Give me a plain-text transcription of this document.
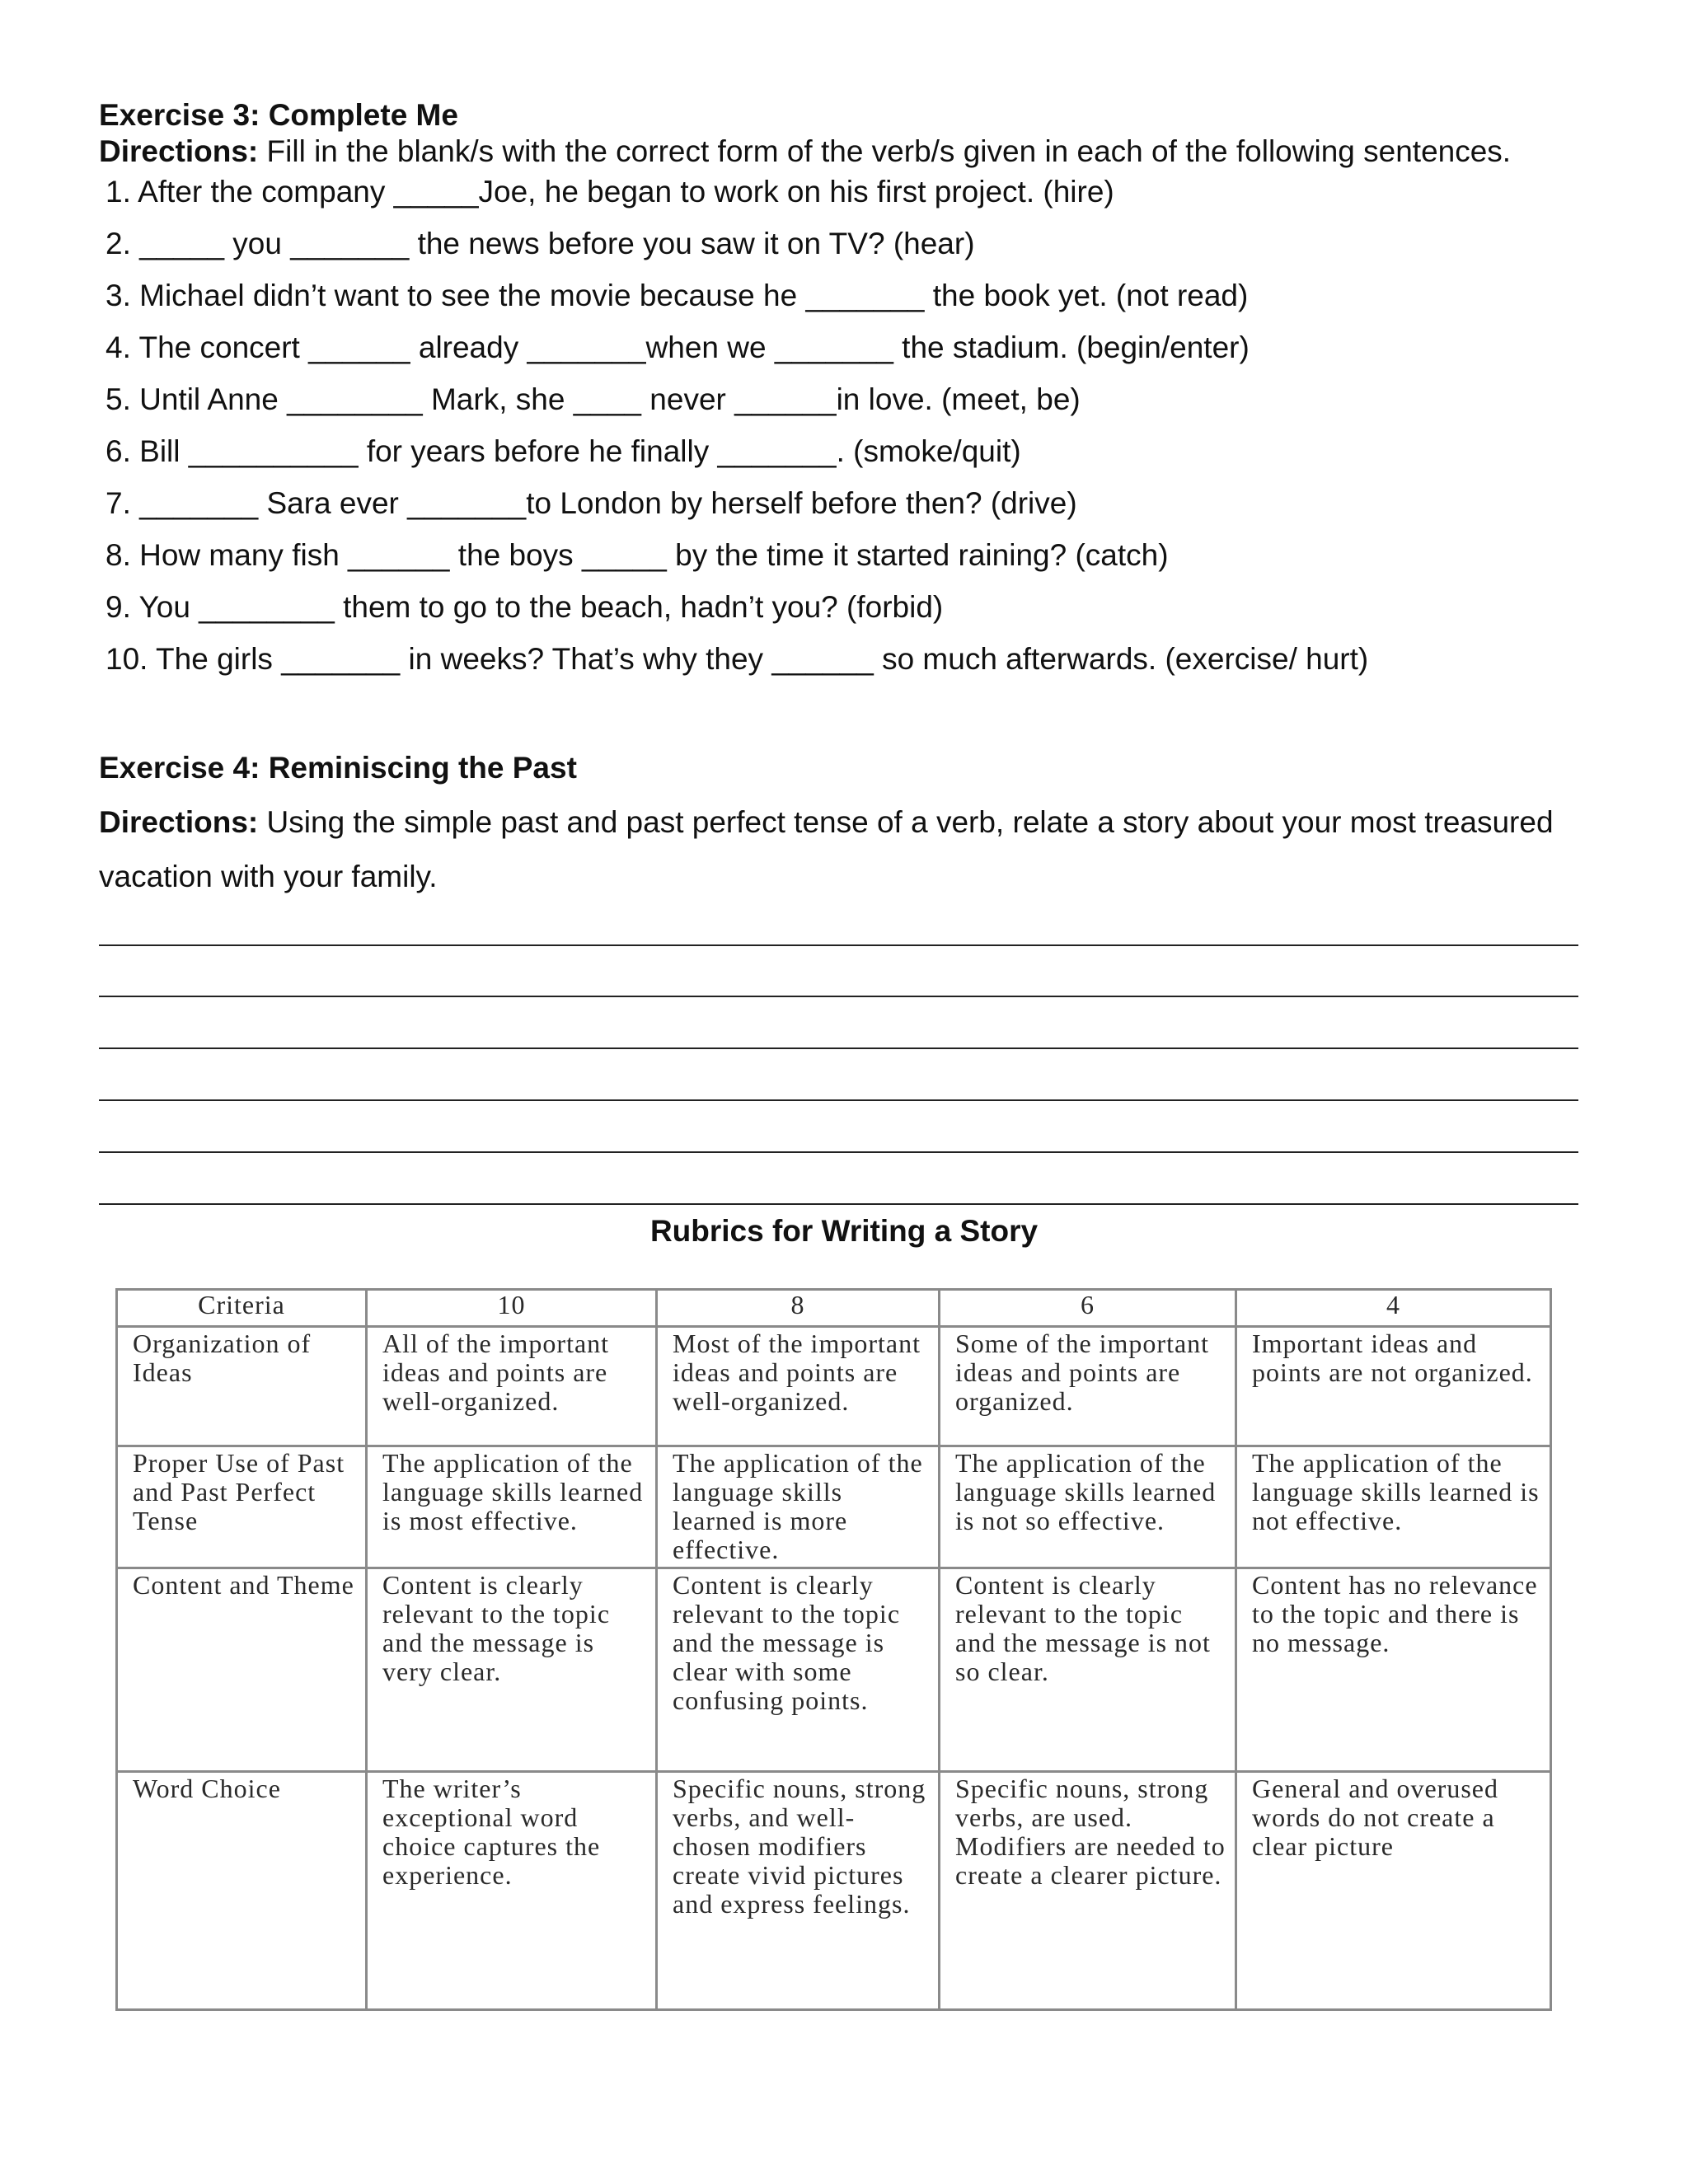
Exercise 3: Complete Me
Directions: Fill in the blank/s with the correct form of the verb/s given in each of the following sentences.
1. After the company _____Joe, he began to work on his first project. (hire)
2. _____ you _______ the news before you saw it on TV? (hear)
3. Michael didn’t want to see the movie because he _______ the book yet. (not read)
4. The concert ______ already _______when we _______ the stadium. (begin/enter)
5. Until Anne ________ Mark, she ____ never ______in love. (meet, be)
6. Bill __________ for years before he finally _______. (smoke/quit)
7. _______ Sara ever _______to London by herself before then? (drive)
8. How many fish ______ the boys _____ by the time it started raining? (catch)
9. You ________ them to go to the beach, hadn’t you? (forbid)
10. The girls _______ in weeks? That’s why they ______ so much afterwards. (exercise/ hurt)
Exercise 4: Reminiscing the Past
Directions: Using the simple past and past perfect tense of a verb, relate a story about your most treasured vacation with your family.
Rubrics for Writing a Story
Criteria	10	8	6	4
Organization of Ideas	All of the important ideas and points are well-organized.	Most of the important ideas and points are well-organized.	Some of the important ideas and points are organized.	Important ideas and points are not organized.
Proper Use of Past and Past Perfect Tense	The application of the language skills learned is most effective.	The application of the language skills learned is more effective.	The application of the language skills learned is not so effective.	The application of the language skills learned is not effective.
Content and Theme	Content is clearly relevant to the topic and the message is very clear.	Content is clearly relevant to the topic and the message is clear with some confusing points.	Content is clearly relevant to the topic and the message is not so clear.	Content has no relevance to the topic and there is no message.
Word Choice	The writer’s exceptional word choice captures the experience.	Specific nouns, strong verbs, and well-chosen modifiers create vivid pictures and express feelings.	Specific nouns, strong verbs, are used. Modifiers are needed to create a clearer picture.	General and overused words do not create a clear picture
